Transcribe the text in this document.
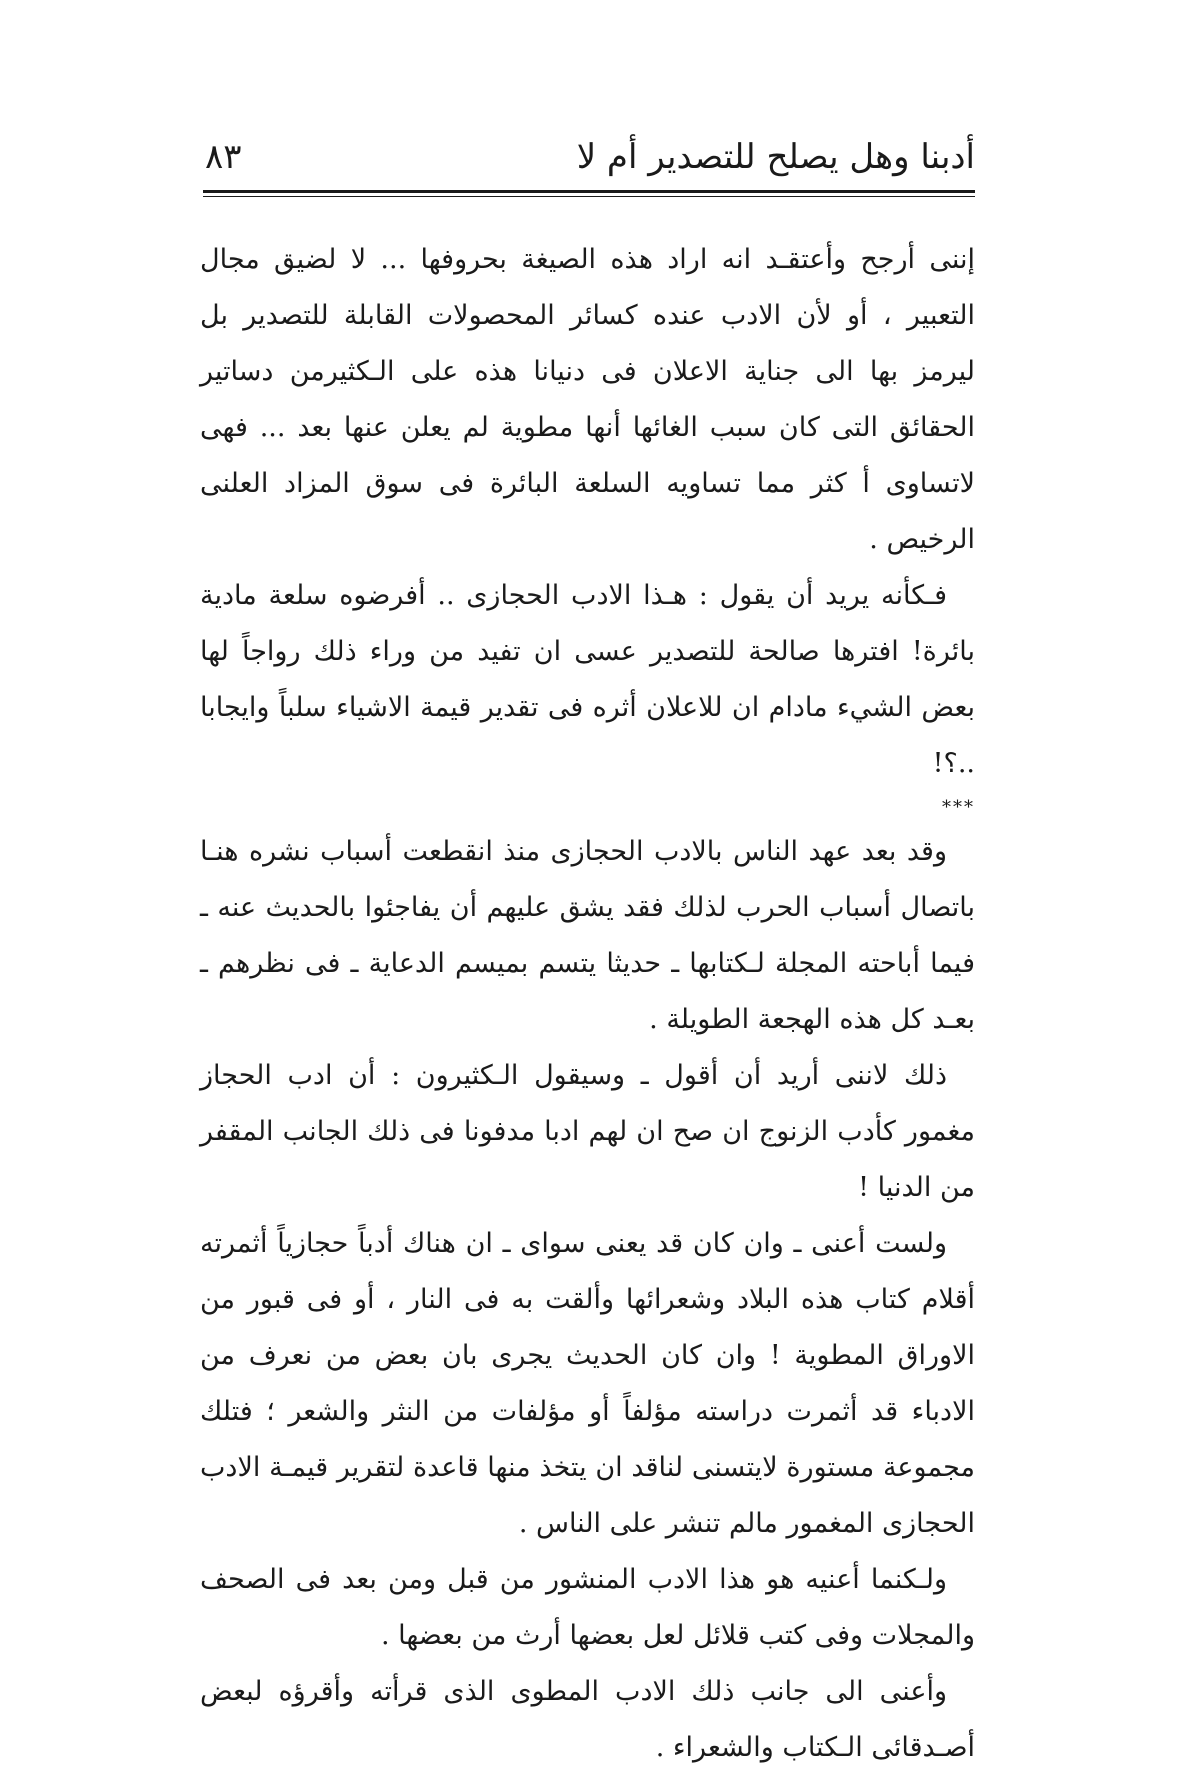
أدبنا وهل يصلح للتصدير أم لا
٨٣

إننى أرجح وأعتقـد انه اراد هذه الصيغة بحروفها ... لا لضيق مجال التعبير ، أو لأن الادب عنده كسائر المحصولات القابلة للتصدير بل ليرمز بها الى جناية الاعلان فى دنيانا هذه على الـكثيرمن دساتير الحقائق التى كان سبب الغائها أنها مطوية لم يعلن عنها بعد ... فهى لاتساوى أ كثر مما تساويه السلعة البائرة فى سوق المزاد العلنى الرخيص .

فـكأنه يريد أن يقول : هـذا الادب الحجازى .. أفرضوه سلعة مادية بائرة! افترها صالحة للتصدير عسى ان تفيد من وراء ذلك رواجاً لها بعض الشيء مادام ان للاعلان أثره فى تقدير قيمة الاشياء سلباً وايجابا ..؟!

***

وقد بعد عهد الناس بالادب الحجازى منذ انقطعت أسباب نشره هنـا باتصال أسباب الحرب لذلك فقد يشق عليهم أن يفاجئوا بالحديث عنه ـ فيما أباحته المجلة لـكتابها ـ حديثا يتسم بميسم الدعاية ـ فى نظرهم ـ بعـد كل هذه الهجعة الطويلة .

ذلك لاننى أريد أن أقول ـ وسيقول الـكثيرون : أن ادب الحجاز مغمور كأدب الزنوج ان صح ان لهم ادبا مدفونا فى ذلك الجانب المقفر من الدنيا !

ولست أعنى ـ وان كان قد يعنى سواى ـ ان هناك أدباً حجازياً أثمرته أقلام كتاب هذه البلاد وشعرائها وألقت به فى النار ، أو فى قبور من الاوراق المطوية ! وان كان الحديث يجرى بان بعض من نعرف من الادباء قد أثمرت دراسته مؤلفاً أو مؤلفات من النثر والشعر ؛ فتلك مجموعة مستورة لايتسنى لناقد ان يتخذ منها قاعدة لتقرير قيمـة الادب الحجازى المغمور مالم تنشر على الناس .

ولـكنما أعنيه هو هذا الادب المنشور من قبل ومن بعد فى الصحف والمجلات وفى كتب قلائل لعل بعضها أرث من بعضها .

وأعنى الى جانب ذلك الادب المطوى الذى قرأته وأقرؤه لبعض أصـدقائى الـكتاب والشعراء .
